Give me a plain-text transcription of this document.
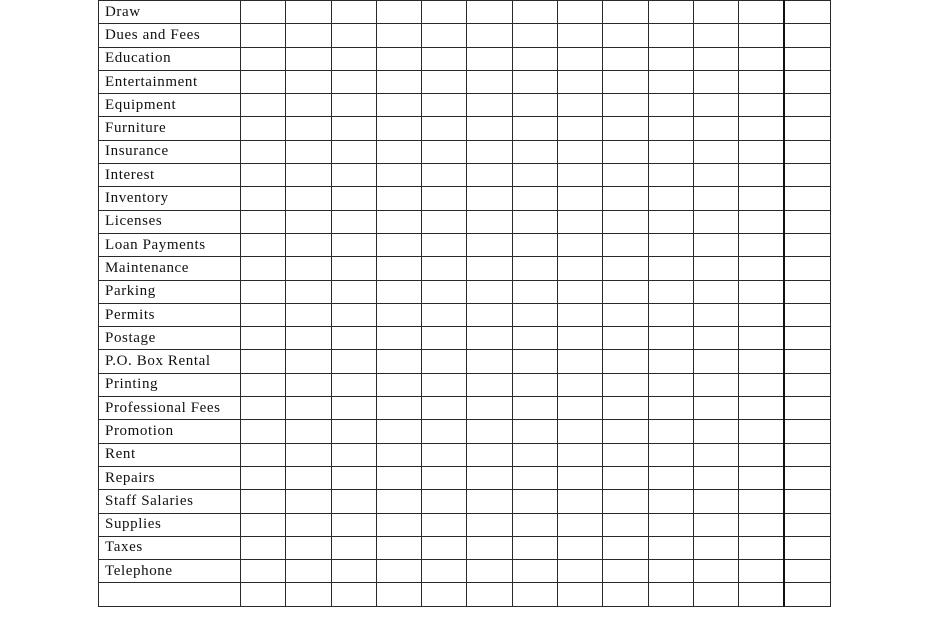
Draw													
Dues and Fees													
Education													
Entertainment													
Equipment													
Furniture													
Insurance													
Interest													
Inventory													
Licenses													
Loan Payments													
Maintenance													
Parking													
Permits													
Postage													
P.O. Box Rental													
Printing													
Professional Fees													
Promotion													
Rent													
Repairs													
Staff Salaries													
Supplies													
Taxes													
Telephone													
